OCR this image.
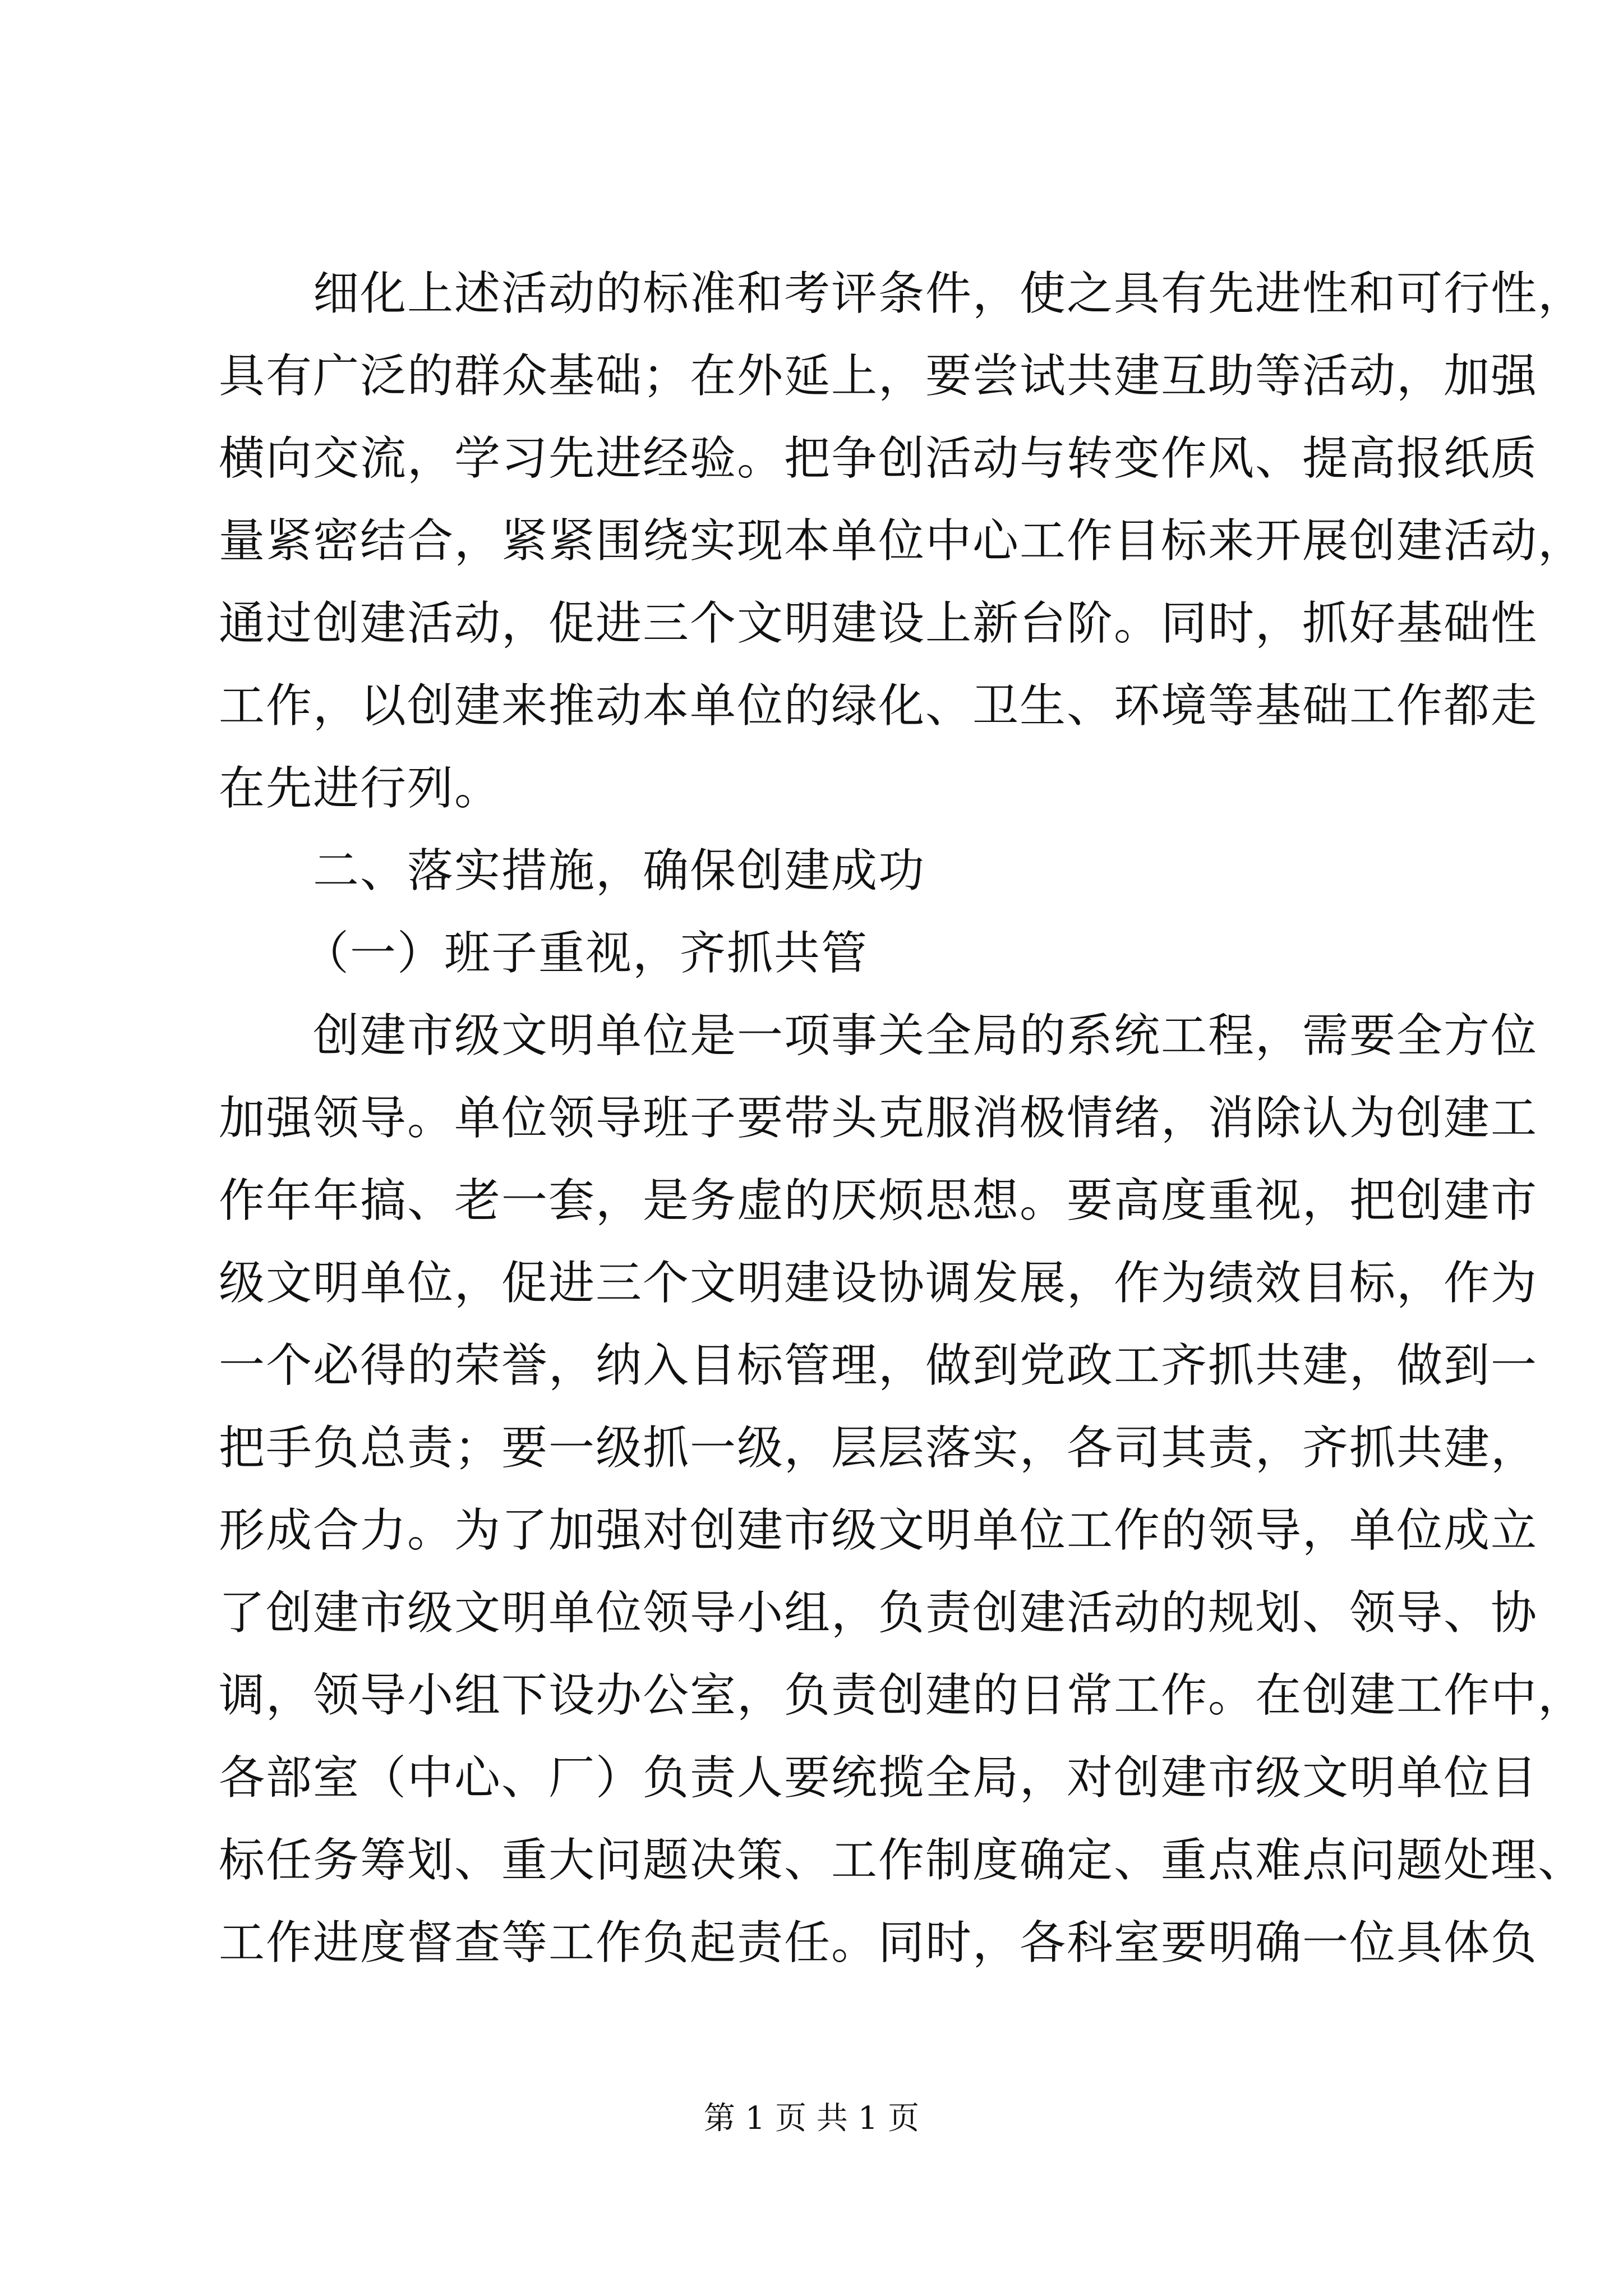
细化上述活动的标准和考评条件，使之具有先进性和可行性，
具有广泛的群众基础；在外延上，要尝试共建互助等活动，加强
横向交流，学习先进经验。把争创活动与转变作风、提高报纸质
量紧密结合，紧紧围绕实现本单位中心工作目标来开展创建活动，
通过创建活动，促进三个文明建设上新台阶。同时，抓好基础性
工作，以创建来推动本单位的绿化、卫生、环境等基础工作都走
在先进行列。
二、落实措施，确保创建成功
（一）班子重视，齐抓共管
创建市级文明单位是一项事关全局的系统工程，需要全方位
加强领导。单位领导班子要带头克服消极情绪，消除认为创建工
作年年搞、老一套，是务虚的厌烦思想。要高度重视，把创建市
级文明单位，促进三个文明建设协调发展，作为绩效目标，作为
一个必得的荣誉，纳入目标管理，做到党政工齐抓共建，做到一
把手负总责；要一级抓一级，层层落实，各司其责，齐抓共建，
形成合力。为了加强对创建市级文明单位工作的领导，单位成立
了创建市级文明单位领导小组，负责创建活动的规划、领导、协
调，领导小组下设办公室，负责创建的日常工作。在创建工作中，
各部室（中心、厂）负责人要统揽全局，对创建市级文明单位目
标任务筹划、重大问题决策、工作制度确定、重点难点问题处理、
工作进度督查等工作负起责任。同时，各科室要明确一位具体负
第 1 页 共 1 页
